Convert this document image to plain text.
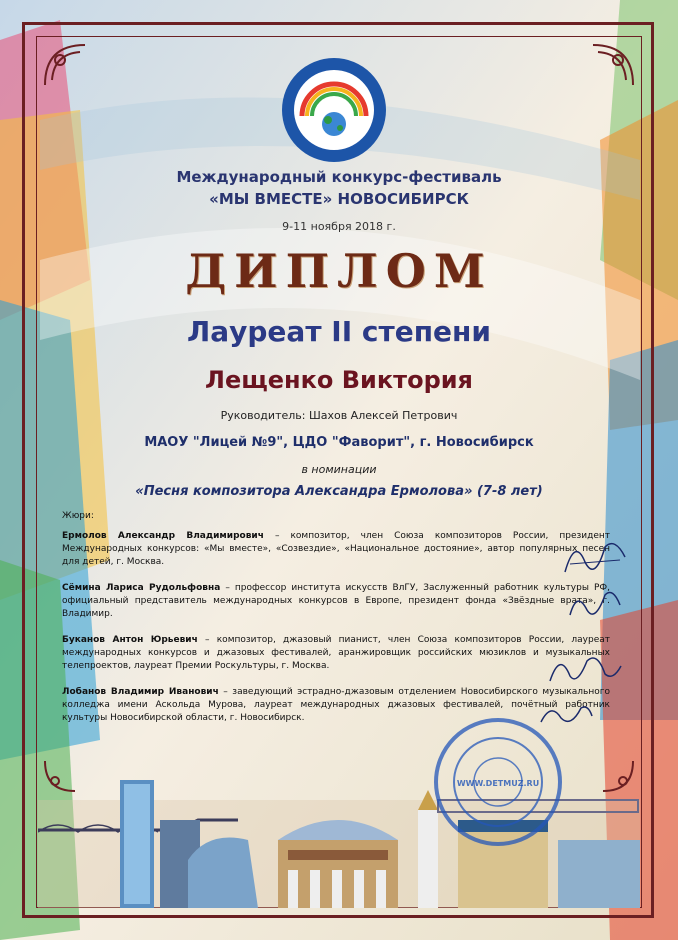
Международный конкурс-фестиваль
«МЫ ВМЕСТЕ» НОВОСИБИРСК
9-11 ноября 2018 г.
ДИПЛОМ
Лауреат II степени
Лещенко Виктория
Руководитель: Шахов Алексей Петрович
МАОУ "Лицей №9", ЦДО "Фаворит", г. Новосибирск
в номинации
«Песня композитора Александра Ермолова» (7-8 лет)
Жюри:
Ермолов Александр Владимирович – композитор, член Союза композиторов России, президент Международных конкурсов: «Мы вместе», «Созвездие», «Национальное достояние», автор популярных песен для детей, г. Москва.
Сёмина Лариса Рудольфовна – профессор института искусств ВлГУ, Заслуженный работник культуры РФ, официальный представитель международных конкурсов в Европе, президент фонда «Звёздные врата», г. Владимир.
Буканов Антон Юрьевич – композитор, джазовый пианист, член Союза композиторов России, лауреат международных конкурсов и джазовых фестивалей, аранжировщик российских мюзиклов и музыкальных телепроектов, лауреат Премии Роскультуры, г. Москва.
Лобанов Владимир Иванович – заведующий эстрадно-джазовым отделением Новосибирского музыкального колледжа имени Аскольда Мурова, лауреат международных джазовых фестивалей, почётный работник культуры Новосибирской области, г. Новосибирск.
WWW.DETMUZ.RU
